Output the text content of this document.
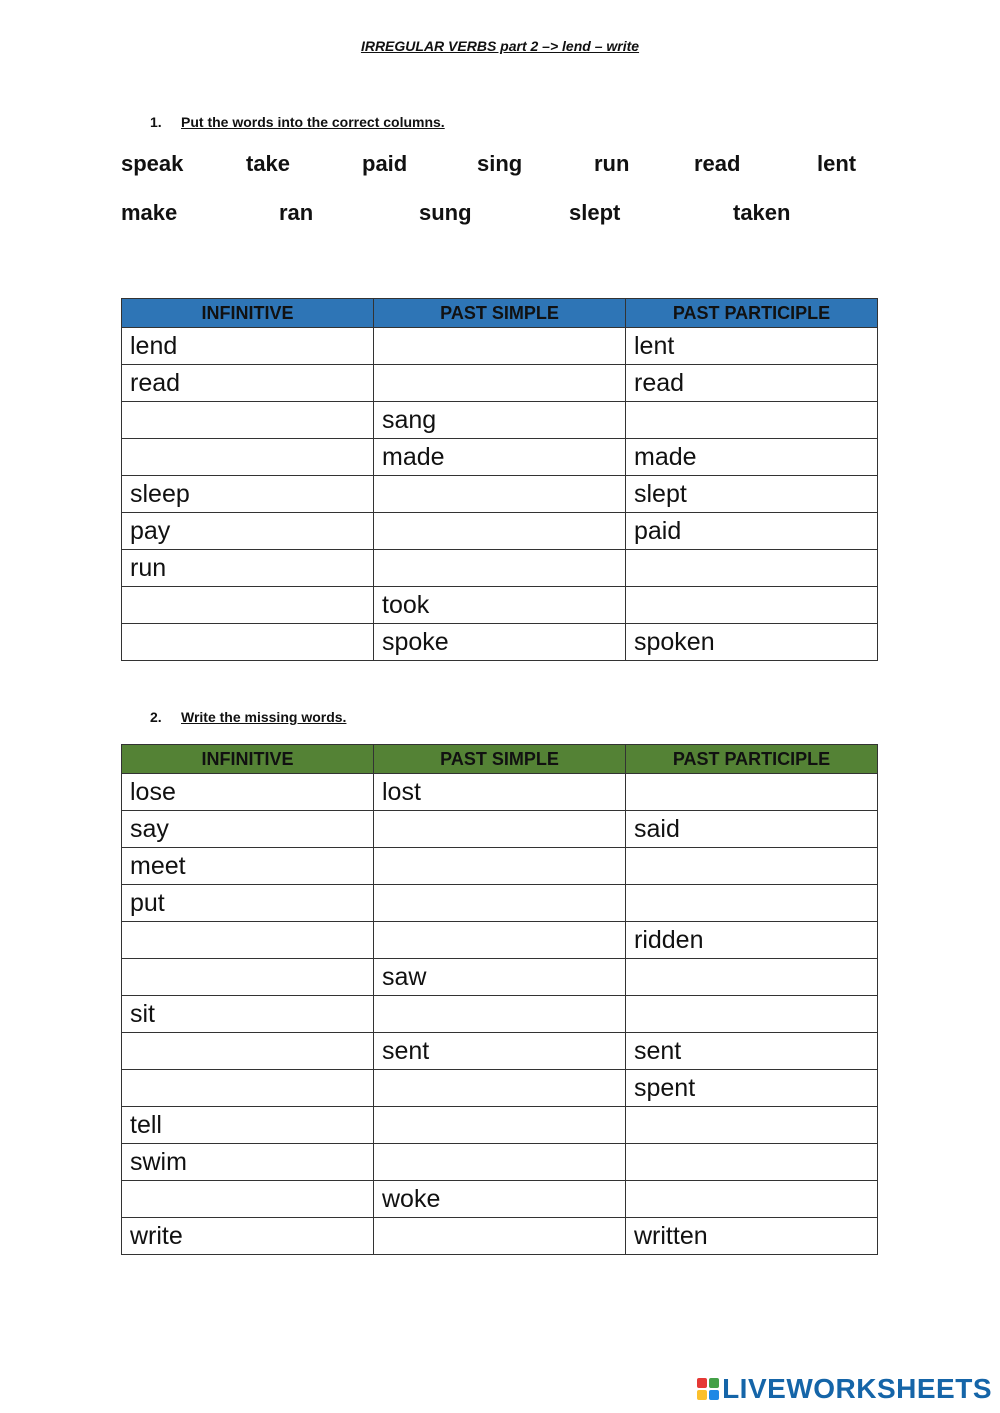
IRREGULAR VERBS part 2 –> lend – write
1. Put the words into the correct columns.
speak	take	paid	sing	run	read	lent
make	ran	sung	slept	taken
INFINITIVE	PAST SIMPLE	PAST PARTICIPLE
lend		lent
read		read
	sang	
	made	made
sleep		slept
pay		paid
run		
	took	
	spoke	spoken
2. Write the missing words.
INFINITIVE	PAST SIMPLE	PAST PARTICIPLE
lose	lost	
say		said
meet		
put		
		ridden
	saw	
sit		
	sent	sent
		spent
tell		
swim		
	woke	
write		written
LIVEWORKSHEETS
